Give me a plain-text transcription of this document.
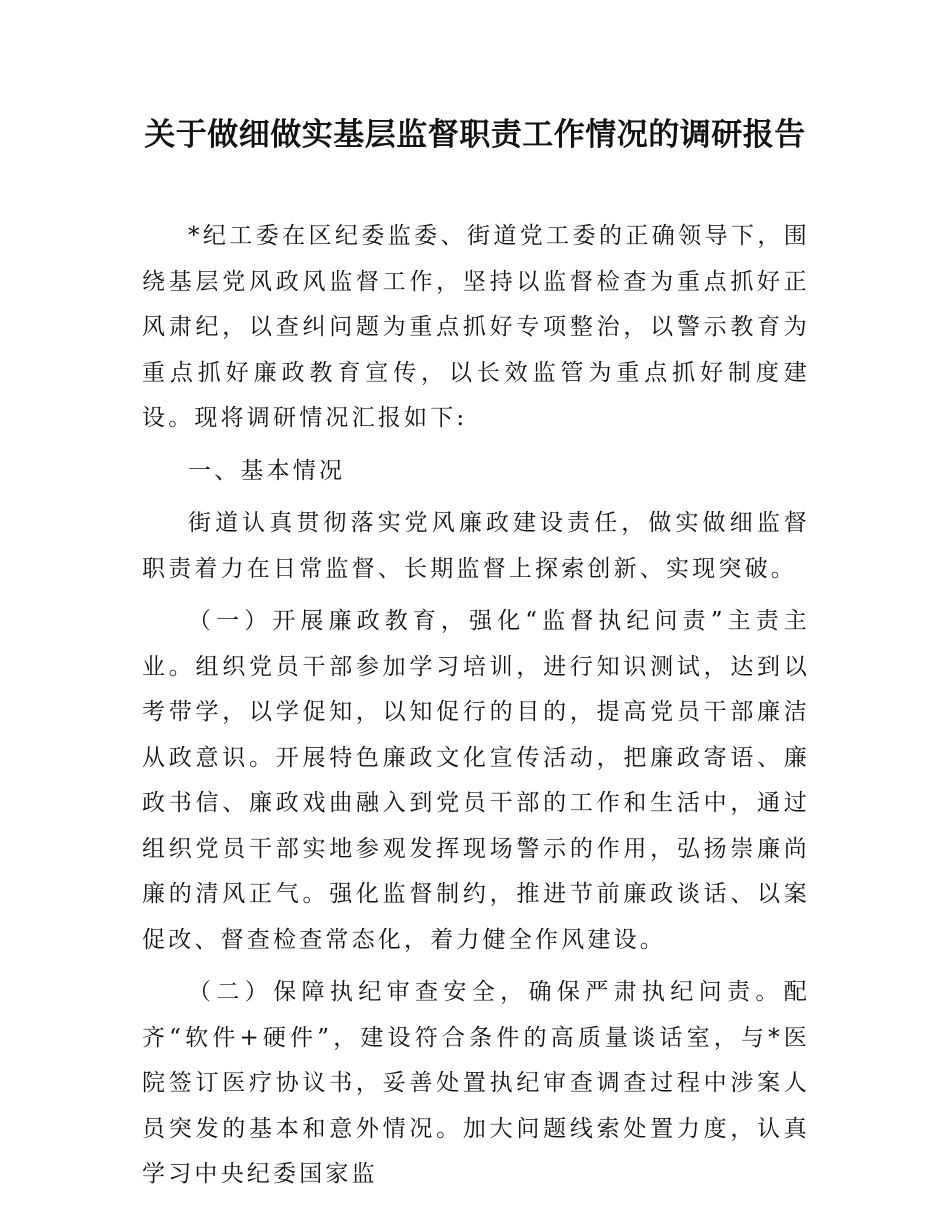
关于做细做实基层监督职责工作情况的调研报告

*纪工委在区纪委监委、街道党工委的正确领导下，围绕基层党风政风监督工作，坚持以监督检查为重点抓好正风肃纪，以查纠问题为重点抓好专项整治，以警示教育为重点抓好廉政教育宣传，以长效监管为重点抓好制度建设。现将调研情况汇报如下:

一、基本情况

街道认真贯彻落实党风廉政建设责任，做实做细监督职责着力在日常监督、长期监督上探索创新、实现突破。

（一）开展廉政教育，强化“监督执纪问责”主责主业。组织党员干部参加学习培训，进行知识测试，达到以考带学，以学促知，以知促行的目的，提高党员干部廉洁从政意识。开展特色廉政文化宣传活动，把廉政寄语、廉政书信、廉政戏曲融入到党员干部的工作和生活中，通过组织党员干部实地参观发挥现场警示的作用，弘扬崇廉尚廉的清风正气。强化监督制约，推进节前廉政谈话、以案促改、督查检查常态化，着力健全作风建设。

（二）保障执纪审查安全，确保严肃执纪问责。配齐“软件+硬件”，建设符合条件的高质量谈话室，与*医院签订医疗协议书，妥善处置执纪审查调查过程中涉案人员突发的基本和意外情况。加大问题线索处置力度，认真学习中央纪委国家监
